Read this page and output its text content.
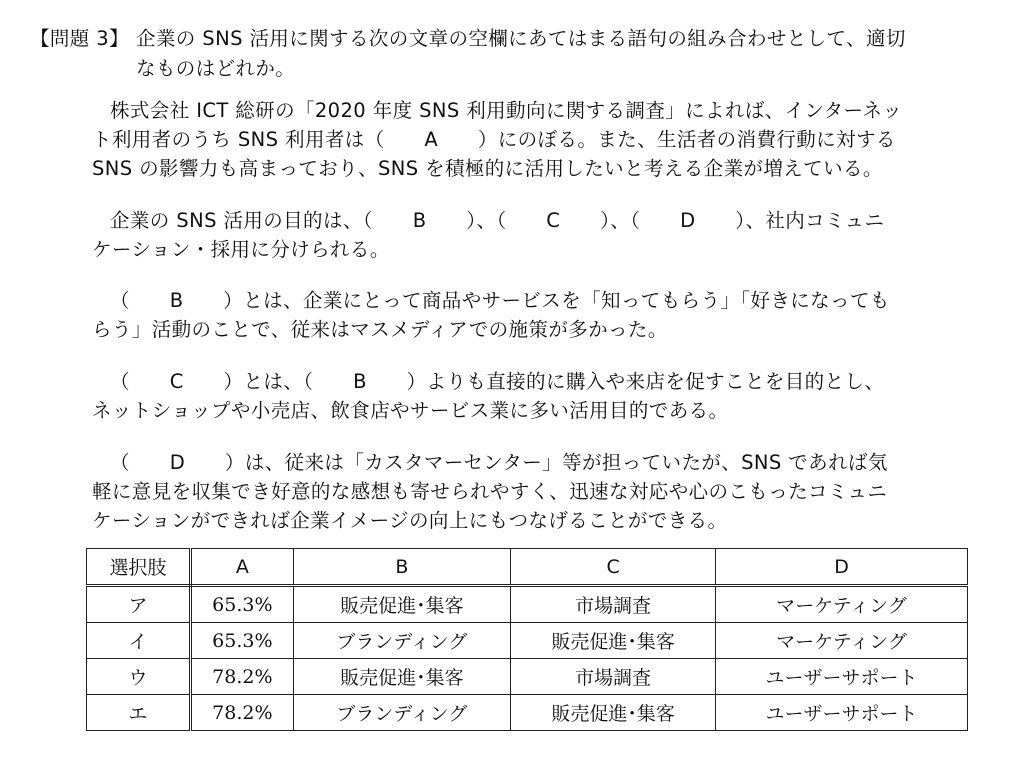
【問題 3】 企業の SNS 活用に関する次の文章の空欄にあてはまる語句の組み合わせとして、適切
なものはどれか。
株式会社 ICT 総研の「2020 年度 SNS 利用動向に関する調査」によれば、インターネッ
ト利用者のうち SNS 利用者は（　　A　　）にのぼる。また、生活者の消費行動に対する
SNS の影響力も高まっており、SNS を積極的に活用したいと考える企業が増えている。
企業の SNS 活用の目的は、（　　B　　）、（　　C　　）、（　　D　　）、社内コミュニ
ケーション・採用に分けられる。
（　　B　　）とは、企業にとって商品やサービスを「知ってもらう」「好きになっても
らう」活動のことで、従来はマスメディアでの施策が多かった。
（　　C　　）とは、（　　B　　）よりも直接的に購入や来店を促すことを目的とし、
ネットショップや小売店、飲食店やサービス業に多い活用目的である。
（　　D　　）は、従来は「カスタマーセンター」等が担っていたが、SNS であれば気
軽に意見を収集でき好意的な感想も寄せられやすく、迅速な対応や心のこもったコミュニ
ケーションができれば企業イメージの向上にもつなげることができる。
選択肢	A	B	C	D
ア	65.3%	販売促進･集客	市場調査	マーケティング
イ	65.3%	ブランディング	販売促進･集客	マーケティング
ウ	78.2%	販売促進･集客	市場調査	ユーザーサポート
エ	78.2%	ブランディング	販売促進･集客	ユーザーサポート
